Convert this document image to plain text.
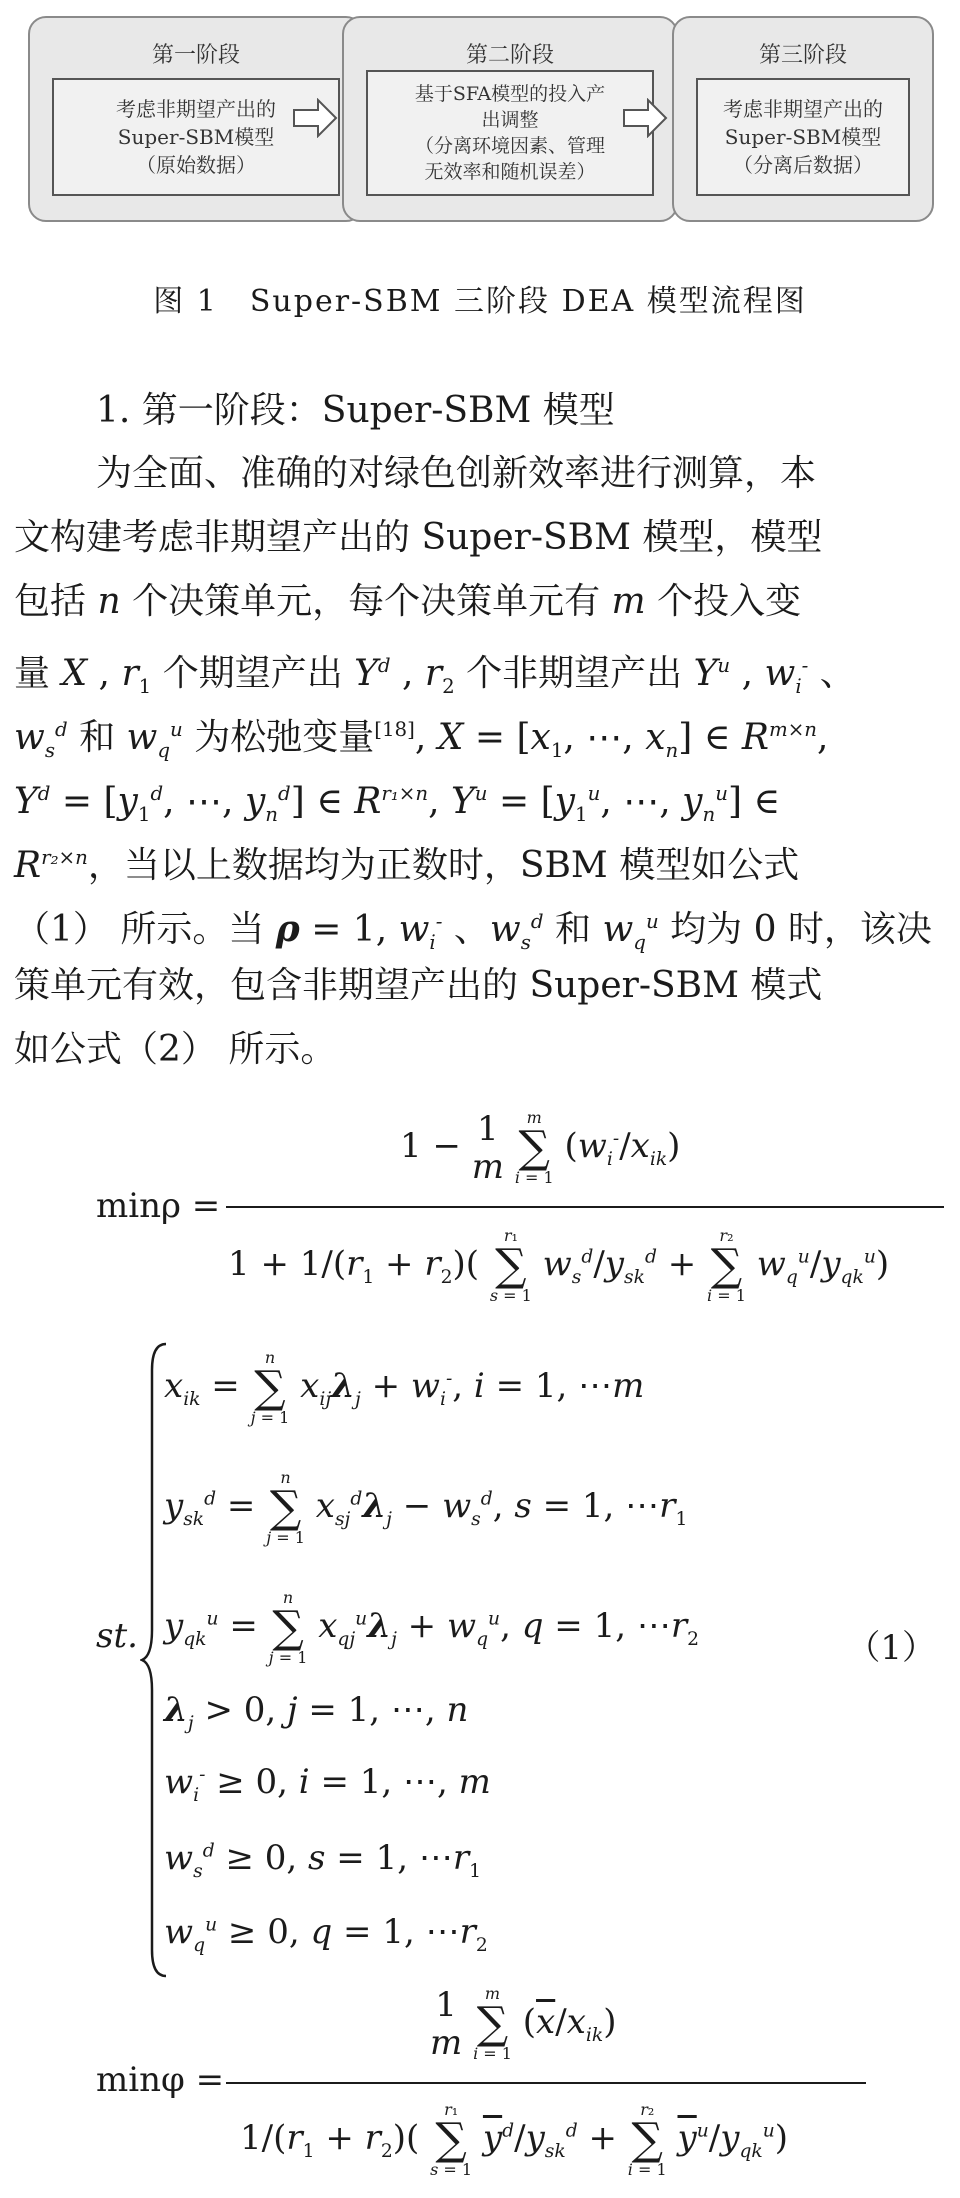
第一阶段
考虑非期望产出的
Super-SBM模型
（原始数据）
第二阶段
基于SFA模型的投入产
出调整
（分离环境因素、管理
无效率和随机误差）
第三阶段
考虑非期望产出的
Super-SBM模型
（分离后数据）
图 1　Super-SBM 三阶段 DEA 模型流程图
1. 第一阶段：Super-SBM 模型
为全面、准确的对绿色创新效率进行测算，本
文构建考虑非期望产出的 Super-SBM 模型，模型
包括 n 个决策单元，每个决策单元有 m 个投入变
量 X , $r_1$ 个期望产出 $Y^d$ , $r_2$ 个非期望产出 $Y^u$ , $w_i^-$ 、
$w_s^d$ 和 $w_q^u$ 为松弛变量[18], $X = [x_1$, ⋯, $x_n$] ∈ $R^{m\times n}$,
$Y^d = [y_1^d$, ⋯, $y_n^d$] ∈ $R^{r_1\times n}$, $Y^u = [y_1^u$, ⋯, $y_n^u$] ∈
$R^{r_2\times n}$，当以上数据均为正数时，SBM 模型如公式
（1） 所示。当 ρ = 1, $w_i^-$ 、$w_s^d$ 和 $w_q^u$ 均为 0 时，该决
策单元有效，包含非期望产出的 Super-SBM 模式
如公式（2） 所示。
minρ =
1 − 1
m m
∑
i = 1 $(w_i^-/x_{ik})$
$1 + 1/(r_1 + r_2)$( r₁
∑
s = 1 $w_s^d/y_{sk}^d + r_2$
∑
i = 1 $w_q^u/y_{qk}^u$)
st.
$x_{ik} = n$
∑
j = 1 $x_{ij}\lambda_j + w_i^-$, i = 1, ⋯m
$y_{sk}^d = n$
∑
j = 1 $x_{sj}^d\lambda_j - w_s^d$, s = 1, $\cdots r_1$
$y_{qk}^u = n$
∑
j = 1 $x_{qj}^u\lambda_j + w_q^u$, q = 1, $\cdots r_2$
$\lambda_j > 0$, j = 1, ⋯, n
$w_i^- \ge 0$, i = 1, ⋯, m
$w_s^d \ge 0$, s = 1, $\cdots r_1$
$w_q^u \ge 0$, q = 1, $\cdots r_2$
（1）
minφ =
1
m m
∑
i = 1 $(\overline{x}/x_{ik})$
$1/(r_1 + r_2)$( r₁
∑
s = 1 $\overline{y}^d/y_{sk}^d + r_2$
∑
i = 1 $\overline{y}^u/y_{qk}^u$)
